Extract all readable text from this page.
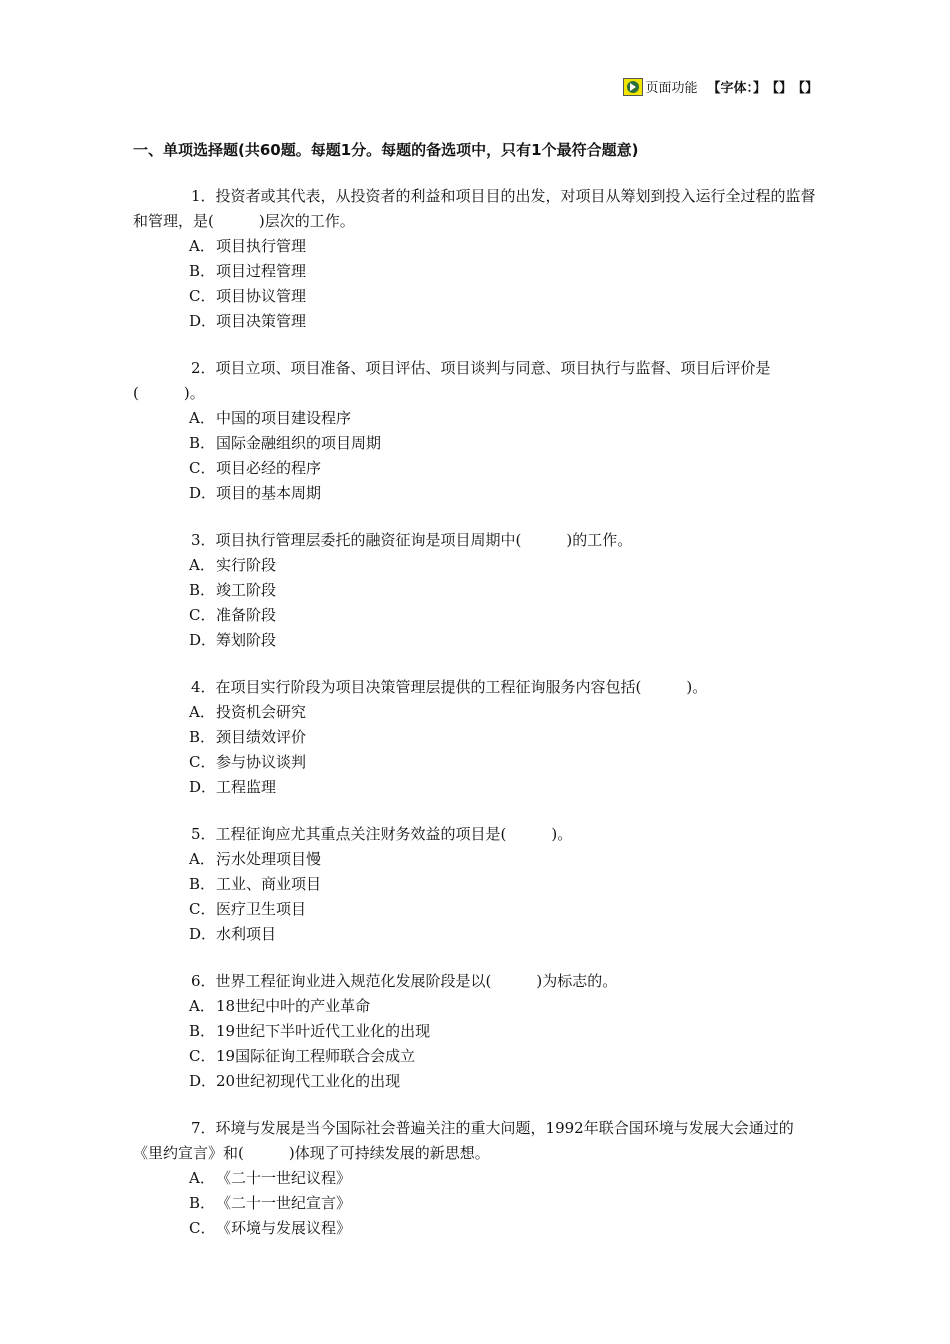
页面功能 【字体：】 【】 【】
一、单项选择题(共60题。每题1分。每题的备选项中，只有1个最符合题意)

1．投资者或其代表，从投资者的利益和项目目的出发，对项目从筹划到投入运行全过程的监督和管理，是(　　　)层次的工作。

A．项目执行管理
B．项目过程管理
C．项目协议管理
D．项目决策管理

2．项目立项、项目准备、项目评估、项目谈判与同意、项目执行与监督、项目后评价是(　　　)。

A．中国的项目建设程序
B．国际金融组织的项目周期
C．项目必经的程序
D．项目的基本周期

3．项目执行管理层委托的融资征询是项目周期中(　　　)的工作。

A．实行阶段
B．竣工阶段
C．准备阶段
D．筹划阶段

4．在项目实行阶段为项目决策管理层提供的工程征询服务内容包括(　　　)。

A．投资机会研究
B．颈目绩效评价
C．参与协议谈判
D．工程监理

5．工程征询应尤其重点关注财务效益的项目是(　　　)。

A．污水处理项目慢
B．工业、商业项目
C．医疗卫生项目
D．水利项目

6．世界工程征询业进入规范化发展阶段是以(　　　)为标志的。

A．18世纪中叶的产业革命
B．19世纪下半叶近代工业化的出现
C．19国际征询工程师联合会成立
D．20世纪初现代工业化的出现

7．环境与发展是当今国际社会普遍关注的重大问题，1992年联合国环境与发展大会通过的《里约宣言》和(　　　)体现了可持续发展的新思想。

A．《二十一世纪议程》
B．《二十一世纪宣言》
C．《环境与发展议程》
